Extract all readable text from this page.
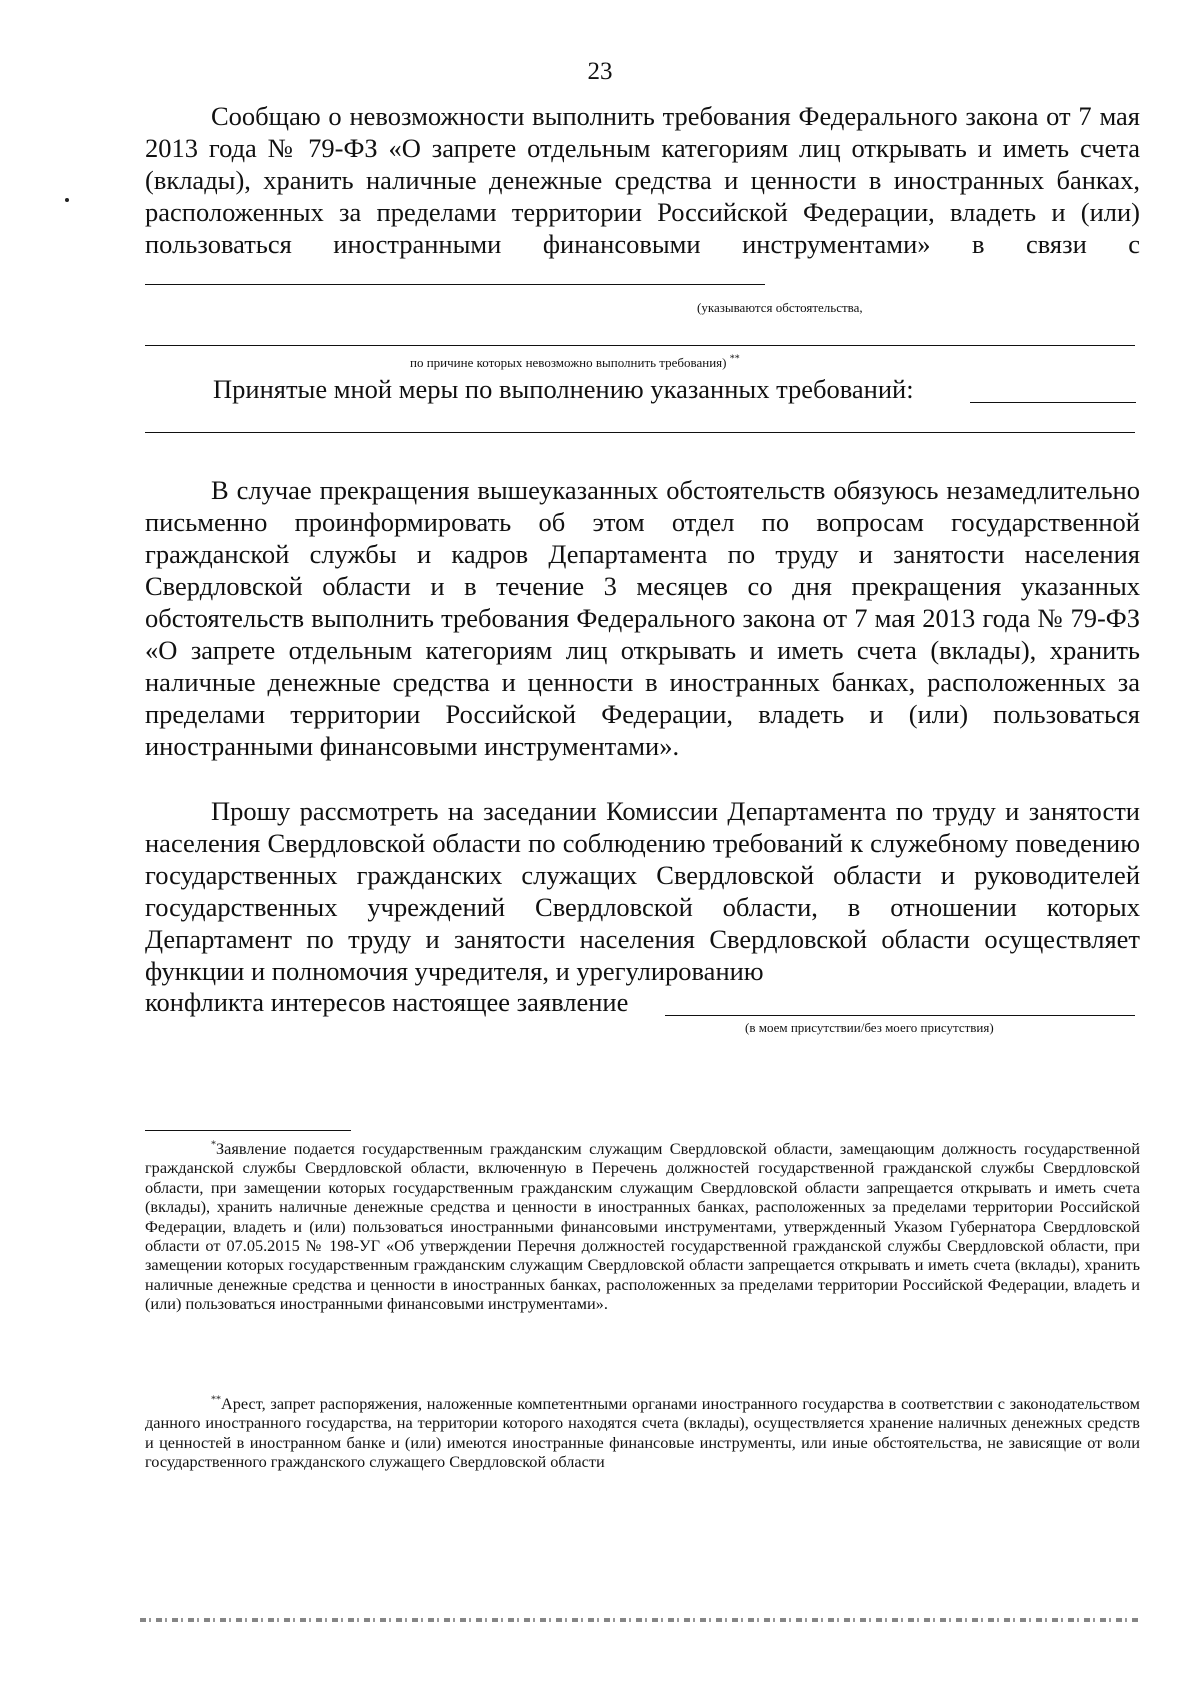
23
Сообщаю о невозможности выполнить требования Федерального закона от 7 мая 2013 года № 79-ФЗ «О запрете отдельным категориям лиц открывать и иметь счета (вклады), хранить наличные денежные средства и ценности в иностранных банках, расположенных за пределами территории Российской Федерации, владеть и (или) пользоваться иностранными финансовыми инструментами» в связи с
(указываются обстоятельства,
по причине которых невозможно выполнить требования) **
Принятые мной меры по выполнению указанных требований:
В случае прекращения вышеуказанных обстоятельств обязуюсь незамедлительно письменно проинформировать об этом отдел по вопросам государственной гражданской службы и кадров Департамента по труду и занятости населения Свердловской области и в течение 3 месяцев со дня прекращения указанных обстоятельств выполнить требования Федерального закона от 7 мая 2013 года № 79-ФЗ «О запрете отдельным категориям лиц открывать и иметь счета (вклады), хранить наличные денежные средства и ценности в иностранных банках, расположенных за пределами территории Российской Федерации, владеть и (или) пользоваться иностранными финансовыми инструментами».
Прошу рассмотреть на заседании Комиссии Департамента по труду и занятости населения Свердловской области по соблюдению требований к служебному поведению государственных гражданских служащих Свердловской области и руководителей государственных учреждений Свердловской области, в отношении которых Департамент по труду и занятости населения Свердловской области осуществляет функции и полномочия учредителя, и урегулированию
конфликта интересов настоящее заявление
(в моем присутствии/без моего присутствия)
*Заявление подается государственным гражданским служащим Свердловской области, замещающим должность государственной гражданской службы Свердловской области, включенную в Перечень должностей государственной гражданской службы Свердловской области, при замещении которых государственным гражданским служащим Свердловской области запрещается открывать и иметь счета (вклады), хранить наличные денежные средства и ценности в иностранных банках, расположенных за пределами территории Российской Федерации, владеть и (или) пользоваться иностранными финансовыми инструментами, утвержденный Указом Губернатора Свердловской области от 07.05.2015 № 198-УГ «Об утверждении Перечня должностей государственной гражданской службы Свердловской области, при замещении которых государственным гражданским служащим Свердловской области запрещается открывать и иметь счета (вклады), хранить наличные денежные средства и ценности в иностранных банках, расположенных за пределами территории Российской Федерации, владеть и (или) пользоваться иностранными финансовыми инструментами».
**Арест, запрет распоряжения, наложенные компетентными органами иностранного государства в соответствии с законодательством данного иностранного государства, на территории которого находятся счета (вклады), осуществляется хранение наличных денежных средств и ценностей в иностранном банке и (или) имеются иностранные финансовые инструменты, или иные обстоятельства, не зависящие от воли государственного гражданского служащего Свердловской области
